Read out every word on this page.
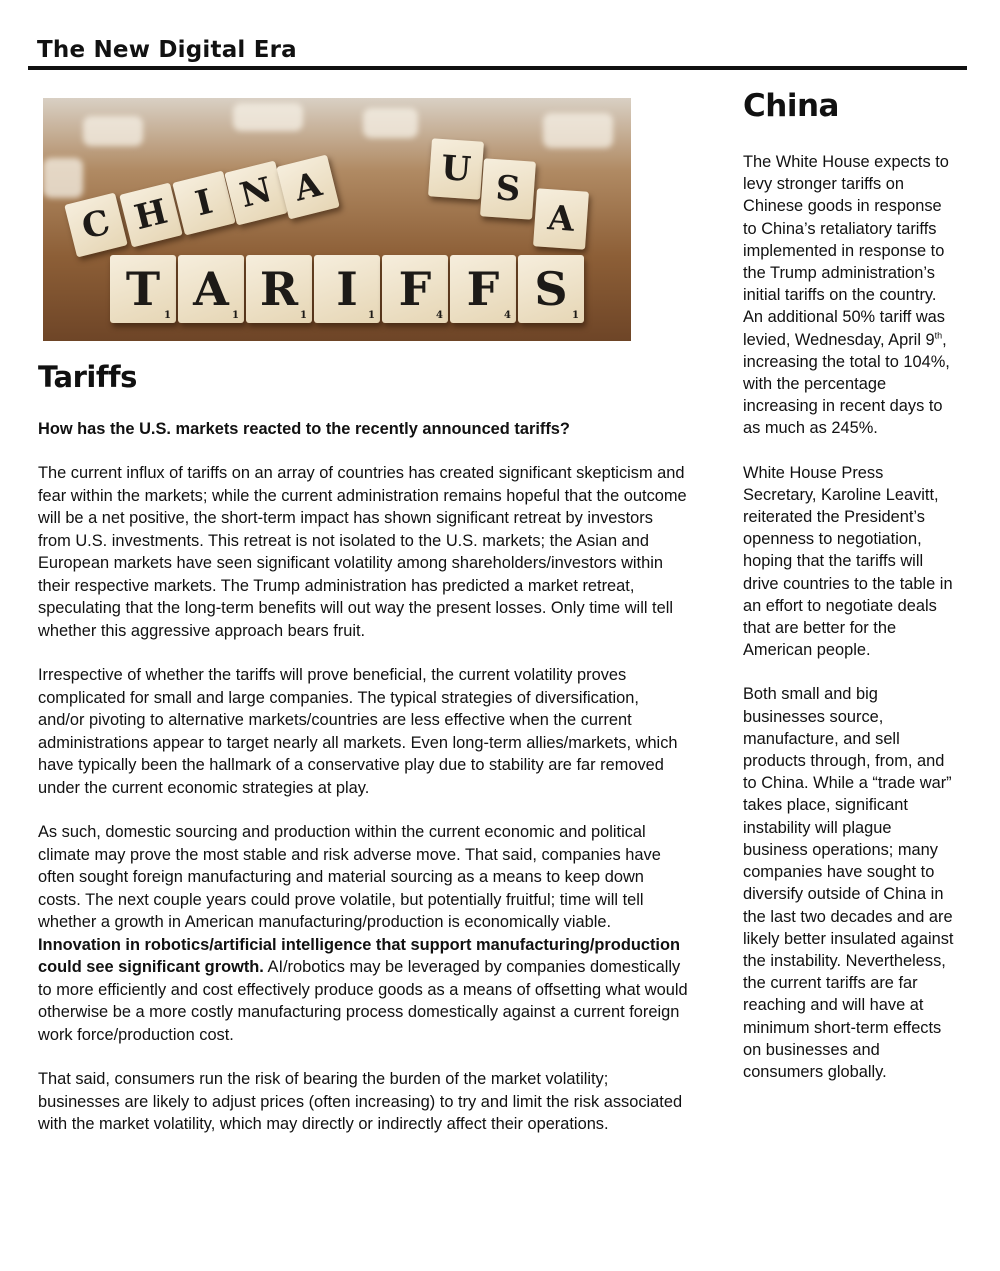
The New Digital Era
C H I N A	U S
A
T 1 A 1 R 1 I 1 F 4 F 4 S 1
Tariffs
How has the U.S. markets reacted to the recently announced tariffs?

The current influx of tariffs on an array of countries has created significant skepticism and fear within the markets; while the current administration remains hopeful that the outcome will be a net positive, the short-term impact has shown significant retreat by investors from U.S. investments. This retreat is not isolated to the U.S. markets; the Asian and European markets have seen significant volatility among shareholders/investors within their respective markets. The Trump administration has predicted a market retreat, speculating that the long-term benefits will out way the present losses. Only time will tell whether this aggressive approach bears fruit.

Irrespective of whether the tariffs will prove beneficial, the current volatility proves complicated for small and large companies. The typical strategies of diversification, and/or pivoting to alternative markets/countries are less effective when the current administrations appear to target nearly all markets. Even long-term allies/markets, which have typically been the hallmark of a conservative play due to stability are far removed under the current economic strategies at play.

As such, domestic sourcing and production within the current economic and political climate may prove the most stable and risk adverse move. That said, companies have often sought foreign manufacturing and material sourcing as a means to keep down costs. The next couple years could prove volatile, but potentially fruitful; time will tell whether a growth in American manufacturing/production is economically viable. Innovation in robotics/artificial intelligence that support manufacturing/production could see significant growth. AI/robotics may be leveraged by companies domestically to more efficiently and cost effectively produce goods as a means of offsetting what would otherwise be a more costly manufacturing process domestically against a current foreign work force/production cost.

That said, consumers run the risk of bearing the burden of the market volatility; businesses are likely to adjust prices (often increasing) to try and limit the risk associated with the market volatility, which may directly or indirectly affect their operations.

China

The White House expects to levy stronger tariffs on Chinese goods in response to China’s retaliatory tariffs implemented in response to the Trump administration’s initial tariffs on the country. An additional 50% tariff was levied, Wednesday, April 9th, increasing the total to 104%, with the percentage increasing in recent days to as much as 245%.

White House Press Secretary, Karoline Leavitt, reiterated the President’s openness to negotiation, hoping that the tariffs will drive countries to the table in an effort to negotiate deals that are better for the American people.

Both small and big businesses source, manufacture, and sell products through, from, and to China. While a “trade war” takes place, significant instability will plague business operations; many companies have sought to diversify outside of China in the last two decades and are likely better insulated against the instability. Nevertheless, the current tariffs are far reaching and will have at minimum short-term effects on businesses and consumers globally.
